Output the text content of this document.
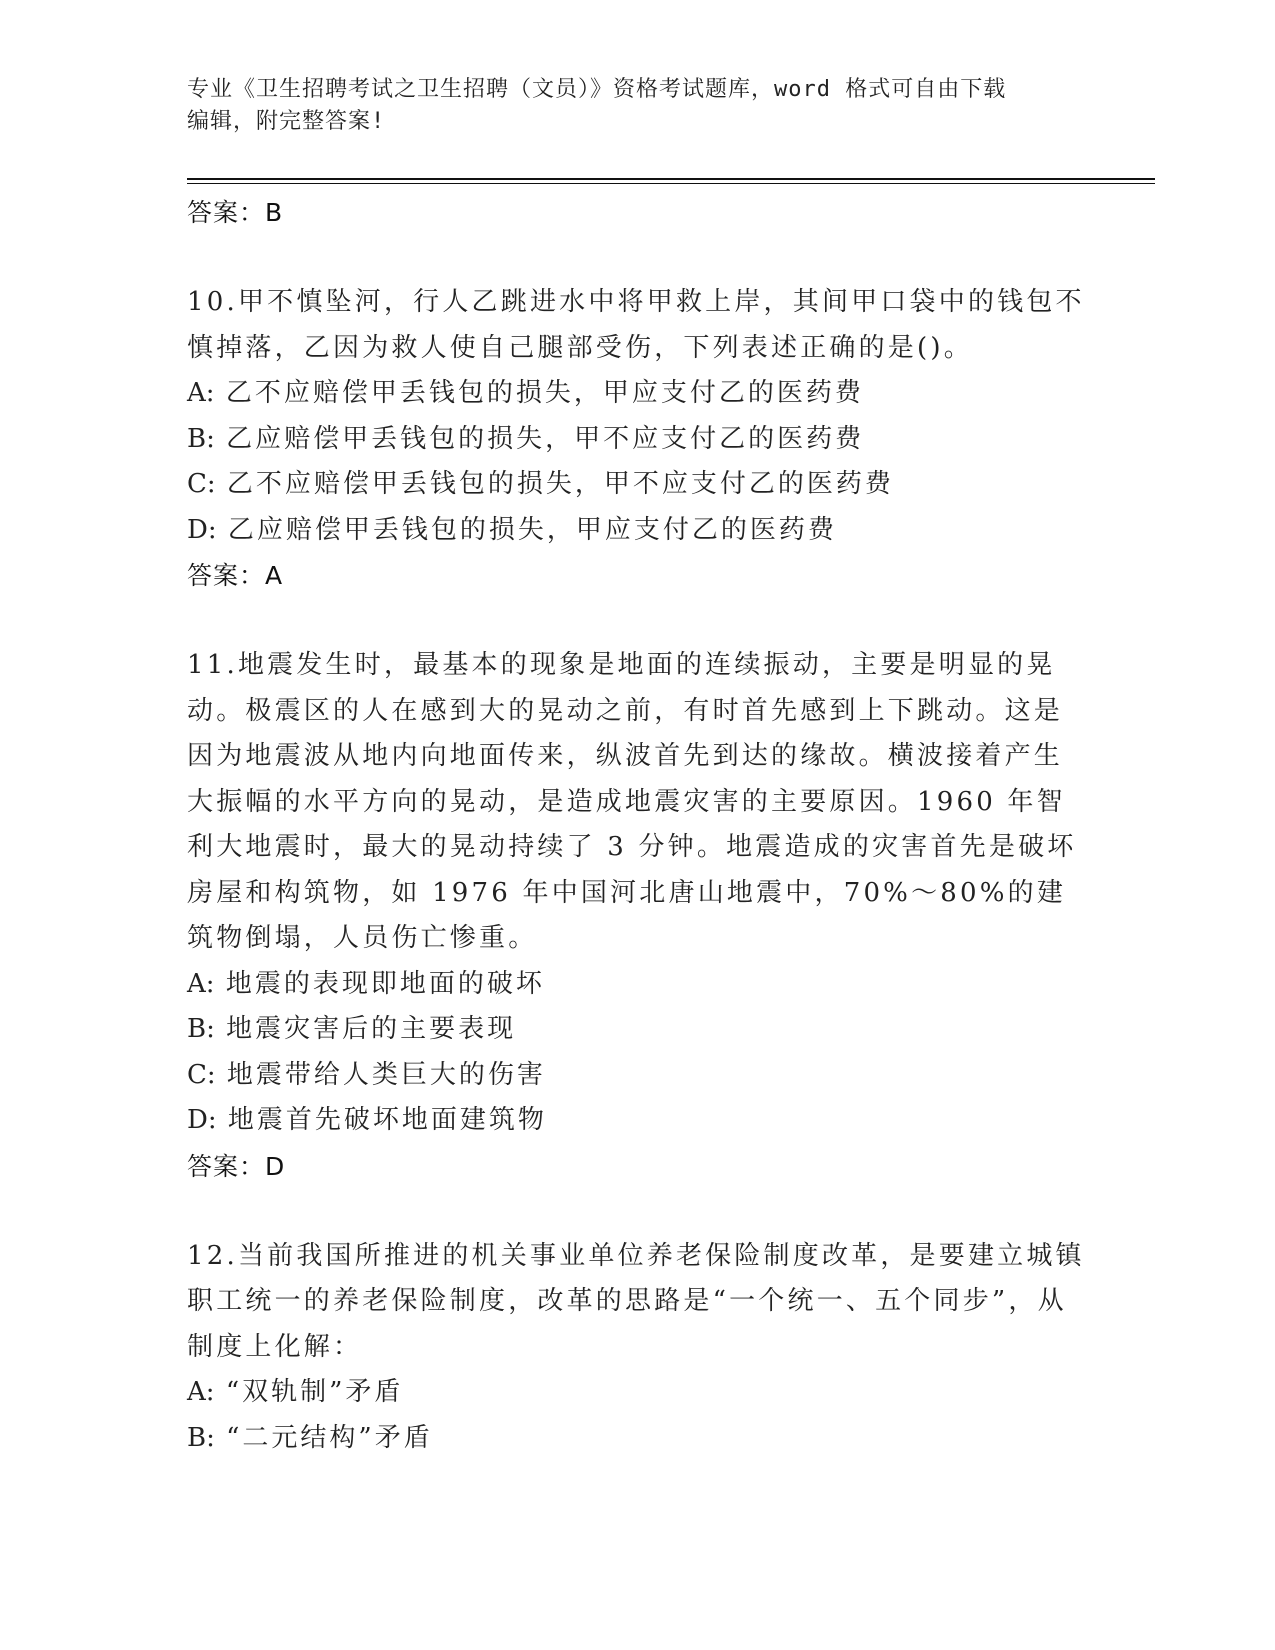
专业《卫生招聘考试之卫生招聘（文员）》资格考试题库，word 格式可自由下载
编辑，附完整答案!
答案：B
10.甲不慎坠河，行人乙跳进水中将甲救上岸，其间甲口袋中的钱包不慎掉落，乙因为救人使自己腿部受伤，下列表述正确的是()。
A: 乙不应赔偿甲丢钱包的损失，甲应支付乙的医药费
B: 乙应赔偿甲丢钱包的损失，甲不应支付乙的医药费
C: 乙不应赔偿甲丢钱包的损失，甲不应支付乙的医药费
D: 乙应赔偿甲丢钱包的损失，甲应支付乙的医药费
答案：A
11.地震发生时，最基本的现象是地面的连续振动，主要是明显的晃动。极震区的人在感到大的晃动之前，有时首先感到上下跳动。这是因为地震波从地内向地面传来，纵波首先到达的缘故。横波接着产生大振幅的水平方向的晃动，是造成地震灾害的主要原因。1960 年智利大地震时，最大的晃动持续了 3 分钟。地震造成的灾害首先是破坏房屋和构筑物，如 1976 年中国河北唐山地震中，70%～80%的建筑物倒塌，人员伤亡惨重。
A: 地震的表现即地面的破坏
B: 地震灾害后的主要表现
C: 地震带给人类巨大的伤害
D: 地震首先破坏地面建筑物
答案：D
12.当前我国所推进的机关事业单位养老保险制度改革，是要建立城镇职工统一的养老保险制度，改革的思路是“一个统一、五个同步”，从制度上化解：
A: “双轨制”矛盾
B: “二元结构”矛盾
